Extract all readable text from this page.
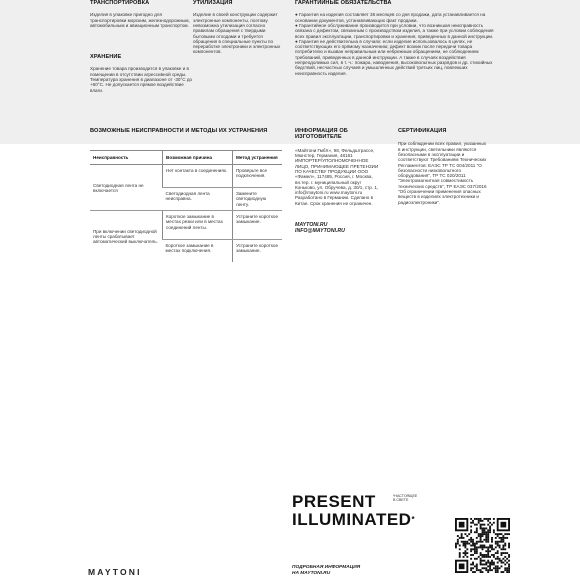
ТРАНСПОРТИРОВКА
Изделия в упаковке пригодно для транспортировки морским, железнодорожным, автомобильным и авиационным транспортом.
ХРАНЕНИЕ
Хранение товара производится в упаковке и в помещении в отсутствии агрессивной среды. Температура хранения в диапазоне от -30°С до +60°С. Не допускается прямое воздействие влаги.
УТИЛИЗАЦИЯ
Изделие в своей конструкции содержит электронные компоненты, поэтому невозможна утилизация согласно правилам обращения с твердыми бытовыми отходами и требуется обращения в специальные пункты по переработке электроники и электронных компонентов.
ГАРАНТИЙНЫЕ ОБЯЗАТЕЛЬСТВА

● Гарантия на изделия составляет 36 месяцев со дня продажи, дата устанавливается на основании документов, устанавливающих факт продажи.

● Гарантийное обслуживание производится при условии, что возникшая неисправность связана с дефектом, связанным с производством изделия, а также при условии соблюдения всех правил эксплуатации, транспортировки и хранения, приведенных в данной инструкции.

● Гарантия не действительна в случаях: если изделие использовалось в целях, не соответствующих его прямому назначению; дефект возник после передачи товара потребителю и вызван неправильным или небрежным обращением, не соблюдением требований, приведенных в данной инструкции. А также в случаях воздействия непреодолимых сил, в т. ч.: пожара, наводнения, высоковольтных разрядов и др. стихийных бедствий, несчастных случаев и умышленных действий третьих лиц, повлекших неисправность изделия.

ВОЗМОЖНЫЕ НЕИСПРАВНОСТИ И МЕТОДЫ ИХ УСТРАНЕНИЯ
Неисправность	Возможная причина	Метод устранения
Светодиодная лента не включается	Нет контакта в соединениях.	Проверьте все подключения.
	Светодиодная лента неисправна.	Замените светодиодную ленту.
При включении светодиодной ленты срабатывает автоматический выключатель.	Короткое замыкание в местах резки или в местах соединений ленты.	Устраните короткое замыкание.
	Короткое замыкание в местах подключения.	Устраните короткое замыкание.
ИНФОРМАЦИЯ ОБ ИЗГОТОВИТЕЛЕ
«Майтони ГмбХ», 98, Фельдштрассе, Мюнстер, Германия, 48161 ИМПОРТЕР/УПОЛНОМОЧЕННОЕ ЛИЦО, ПРИНИМАЮЩЕЕ ПРЕТЕНЗИИ ПО КАЧЕСТВУ ПРОДУКЦИИ ООО «Фамел», 117485, Россия, г. Москва, вн.тер. г. муниципальный округ Коньково, ул. Обручева, д. 30/1, стр. 1, info@maytoni.ru www.maytoni.ru Разработано в Германии. Сделано в Китае. Срок хранения не ограничен.
MAYTONI.RU
INFO@MAYTONI.RU
СЕРТИФИКАЦИЯ
При соблюдении всех правил, указанных в инструкции, светильники являются безопасными в эксплуатации и соответствуют Требованиям Технических Регламентов: ЕАЭС ТР ТС 004/2011 "О безопасности низковольтного оборудования", ТР ТС 020/2011 "Электромагнитная совместимость технических средств", ТР ЕАЭС 037/2016 "Об ограничении применения опасных веществ в изделиях электротехники и радиоэлектроники".
PRESENT
ILLUMINATED*
*НАСТОЯЩЕЕ
В СВЕТЕ
MAYTONI	ПОДРОБНАЯ ИНФОРМАЦИЯ
НА MAYTONI.RU
